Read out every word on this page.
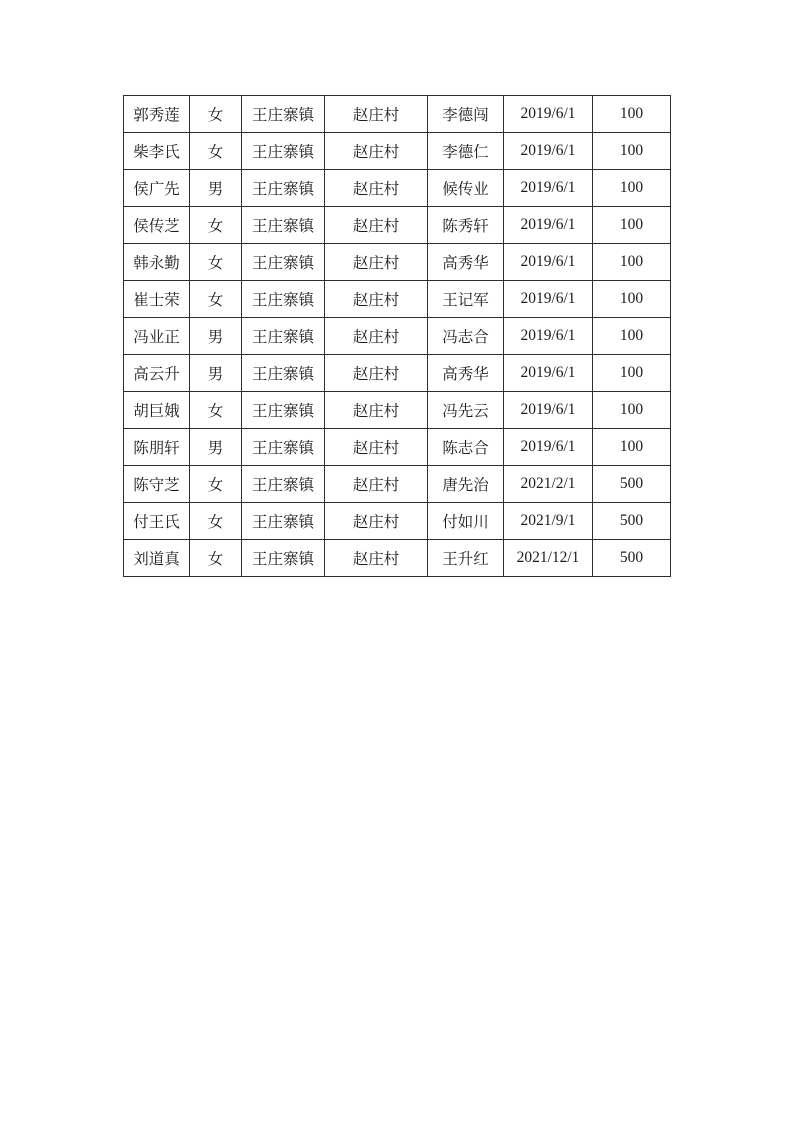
郭秀莲	女	王庄寨镇	赵庄村	李德闯	2019/6/1	100
柴李氏	女	王庄寨镇	赵庄村	李德仁	2019/6/1	100
侯广先	男	王庄寨镇	赵庄村	候传业	2019/6/1	100
侯传芝	女	王庄寨镇	赵庄村	陈秀轩	2019/6/1	100
韩永勤	女	王庄寨镇	赵庄村	高秀华	2019/6/1	100
崔士荣	女	王庄寨镇	赵庄村	王记军	2019/6/1	100
冯业正	男	王庄寨镇	赵庄村	冯志合	2019/6/1	100
高云升	男	王庄寨镇	赵庄村	高秀华	2019/6/1	100
胡巨娥	女	王庄寨镇	赵庄村	冯先云	2019/6/1	100
陈朋轩	男	王庄寨镇	赵庄村	陈志合	2019/6/1	100
陈守芝	女	王庄寨镇	赵庄村	唐先治	2021/2/1	500
付王氏	女	王庄寨镇	赵庄村	付如川	2021/9/1	500
刘道真	女	王庄寨镇	赵庄村	王升红	2021/12/1	500
